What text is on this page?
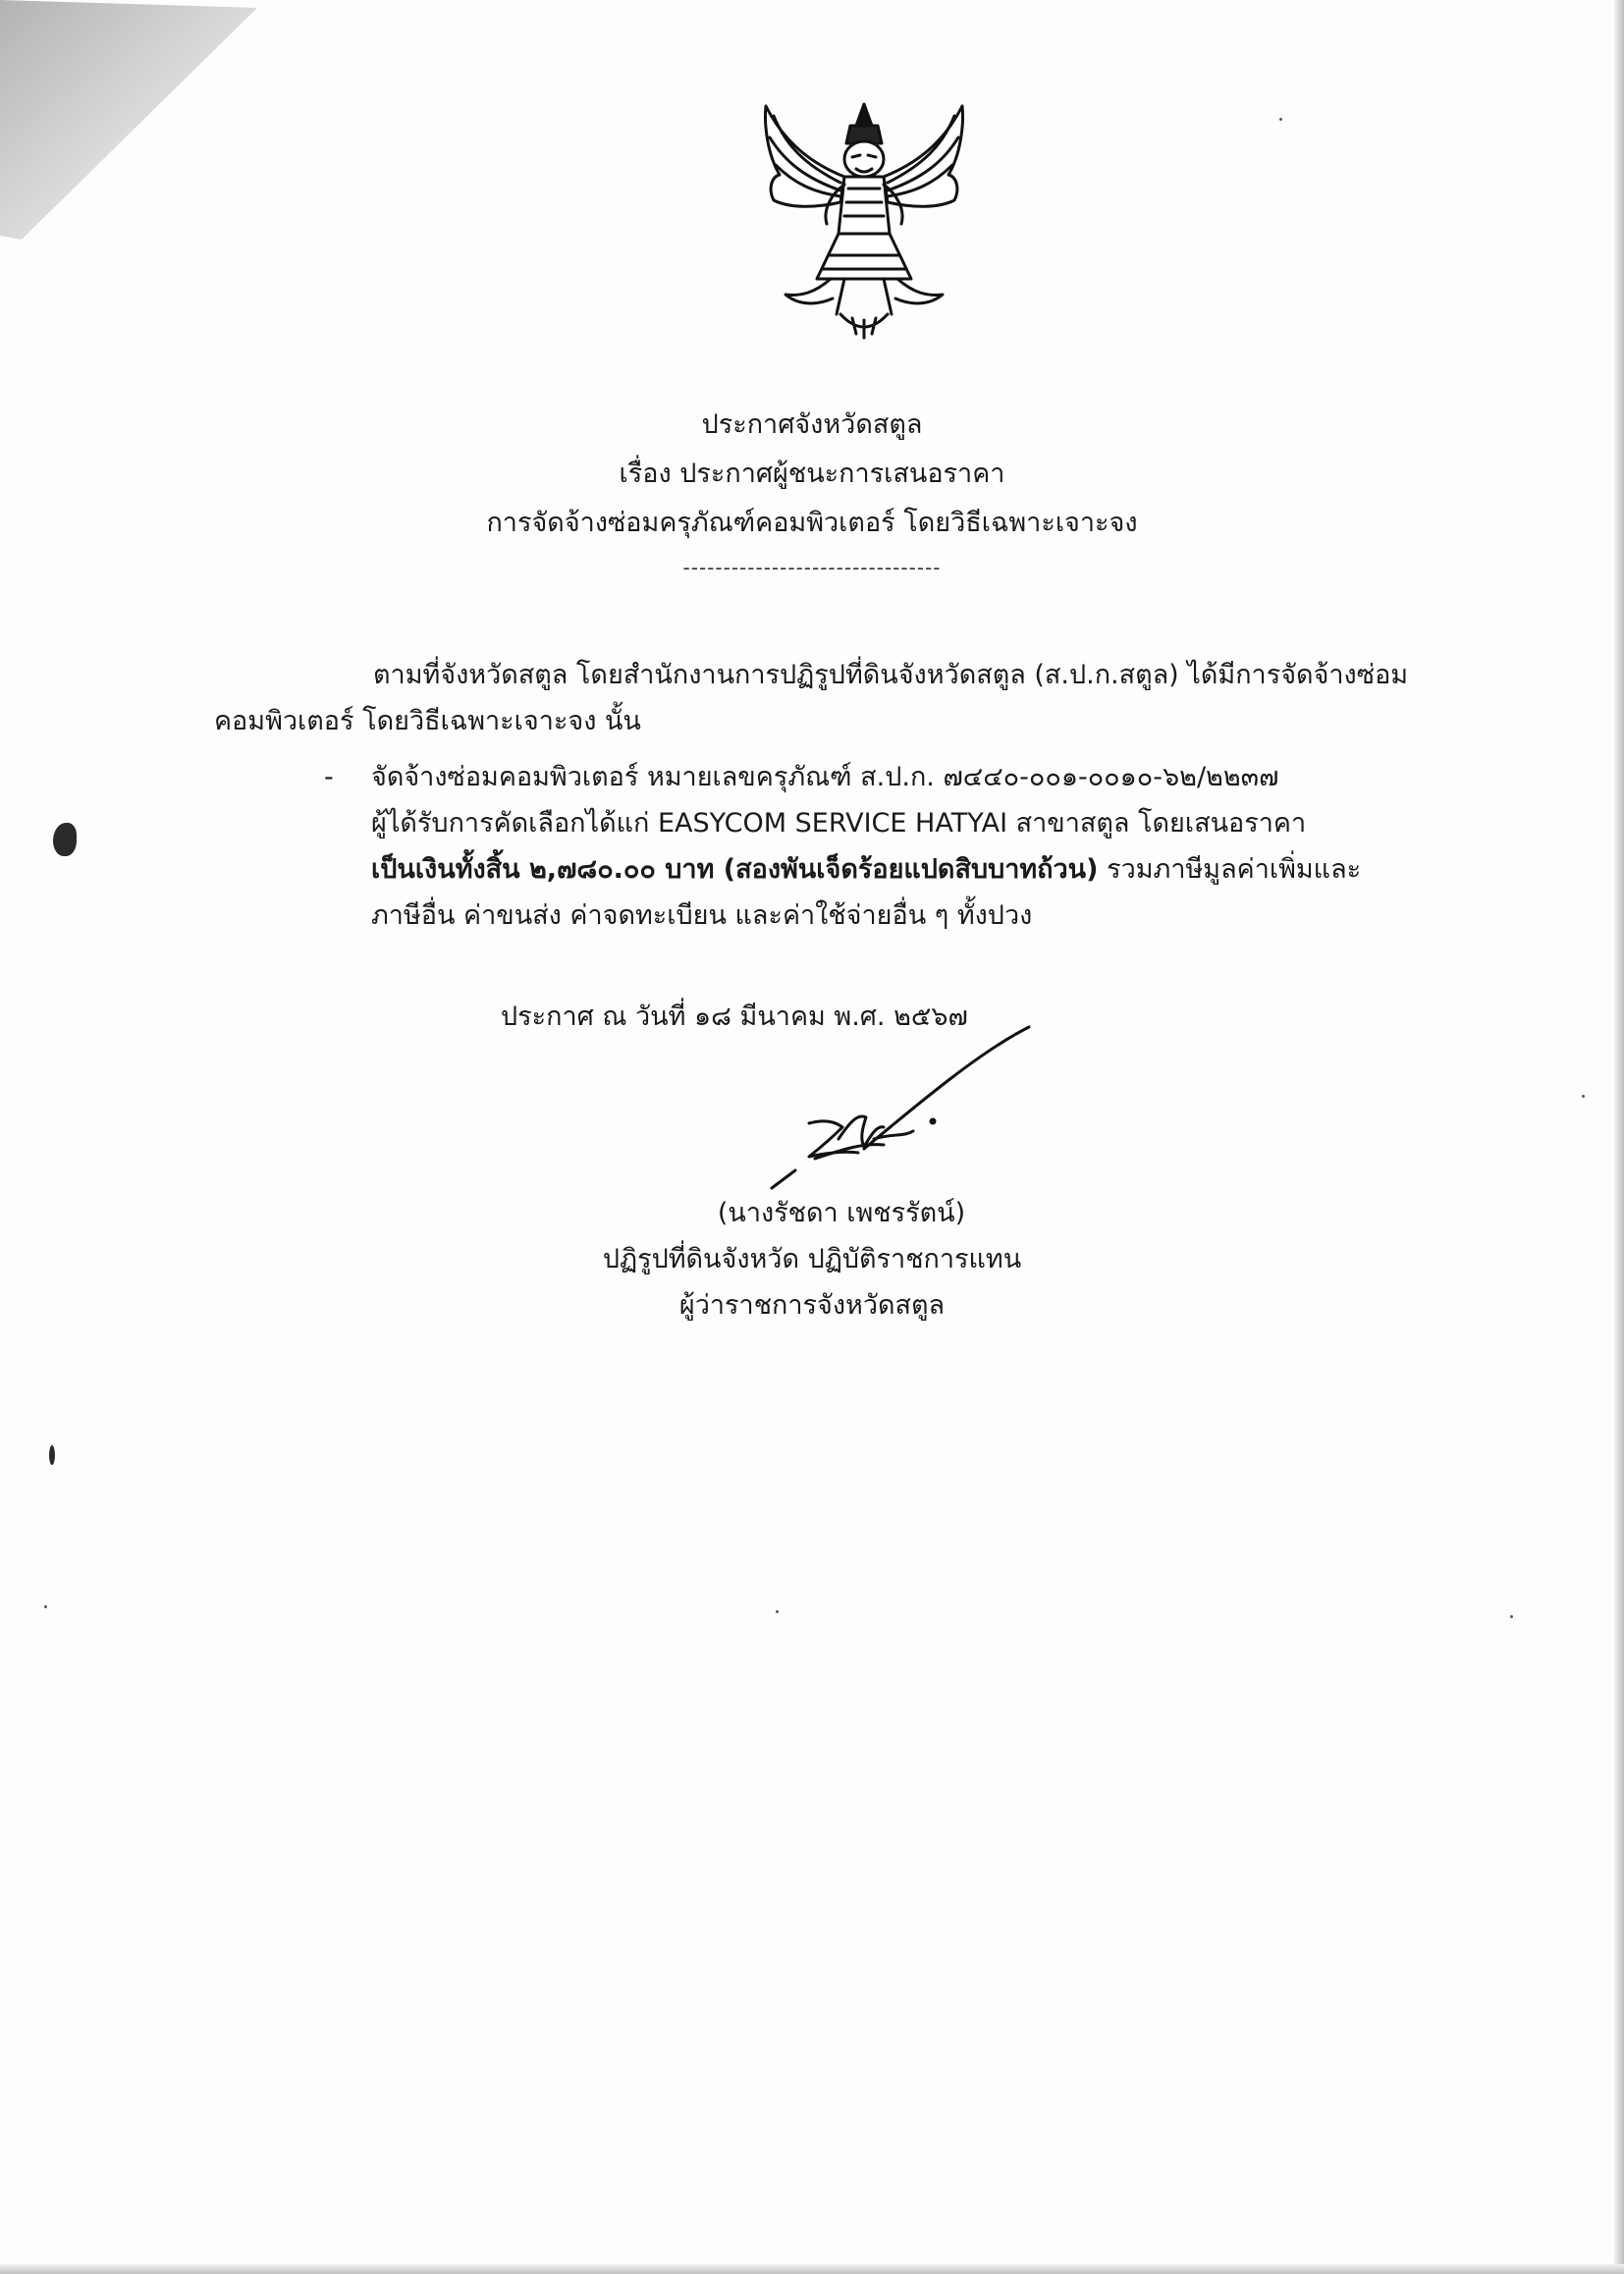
ประกาศจังหวัดสตูล
เรื่อง ประกาศผู้ชนะการเสนอราคา
การจัดจ้างซ่อมครุภัณฑ์คอมพิวเตอร์ โดยวิธีเฉพาะเจาะจง
--------------------------------
ตามที่จังหวัดสตูล โดยสำนักงานการปฏิรูปที่ดินจังหวัดสตูล (ส.ป.ก.สตูล) ได้มีการจัดจ้างซ่อม
คอมพิวเตอร์ โดยวิธีเฉพาะเจาะจง นั้น
- จัดจ้างซ่อมคอมพิวเตอร์ หมายเลขครุภัณฑ์ ส.ป.ก. ๗๔๔๐-๐๐๑-๐๐๑๐-๖๒/๒๒๓๗
ผู้ได้รับการคัดเลือกได้แก่ EASYCOM SERVICE HATYAI สาขาสตูล โดยเสนอราคา
เป็นเงินทั้งสิ้น ๒,๗๘๐.๐๐ บาท (สองพันเจ็ดร้อยแปดสิบบาทถ้วน) รวมภาษีมูลค่าเพิ่มและ
ภาษีอื่น ค่าขนส่ง ค่าจดทะเบียน และค่าใช้จ่ายอื่น ๆ ทั้งปวง
ประกาศ ณ วันที่ ๑๘ มีนาคม พ.ศ. ๒๕๖๗
(นางรัชดา เพชรรัตน์)
ปฏิรูปที่ดินจังหวัด ปฏิบัติราชการแทน
ผู้ว่าราชการจังหวัดสตูล
